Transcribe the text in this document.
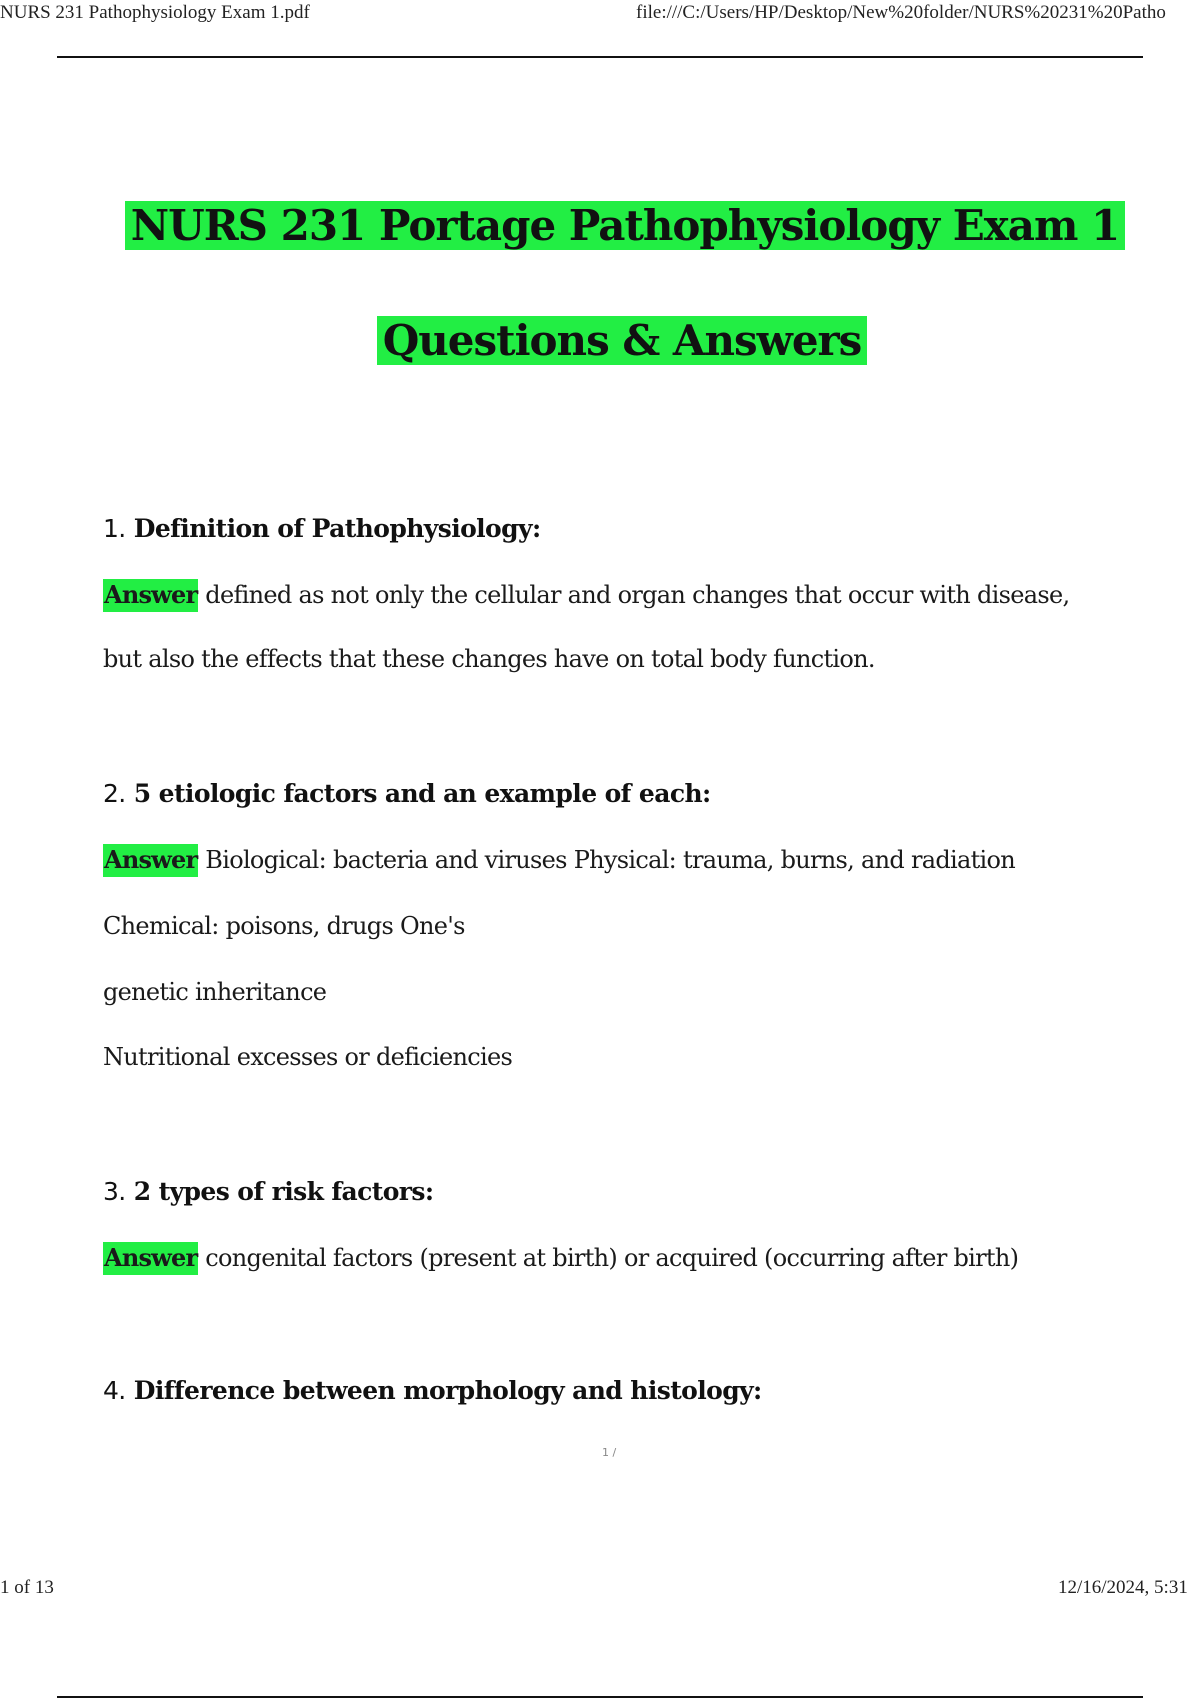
NURS 231 Pathophysiology Exam 1.pdf	file:///C:/Users/HP/Desktop/New%20folder/NURS%20231%20Patho
NURS 231 Portage Pathophysiology Exam 1
Questions & Answers
1. Definition of Pathophysiology:
Answer defined as not only the cellular and organ changes that occur with disease,
but also the effects that these changes have on total body function.
2. 5 etiologic factors and an example of each:
Answer Biological: bacteria and viruses Physical: trauma, burns, and radiation
Chemical: poisons, drugs One's
genetic inheritance
Nutritional excesses or deficiencies
3. 2 types of risk factors:
Answer congenital factors (present at birth) or acquired (occurring after birth)
4. Difference between morphology and histology:
1 /
1 of 13	12/16/2024, 5:31
